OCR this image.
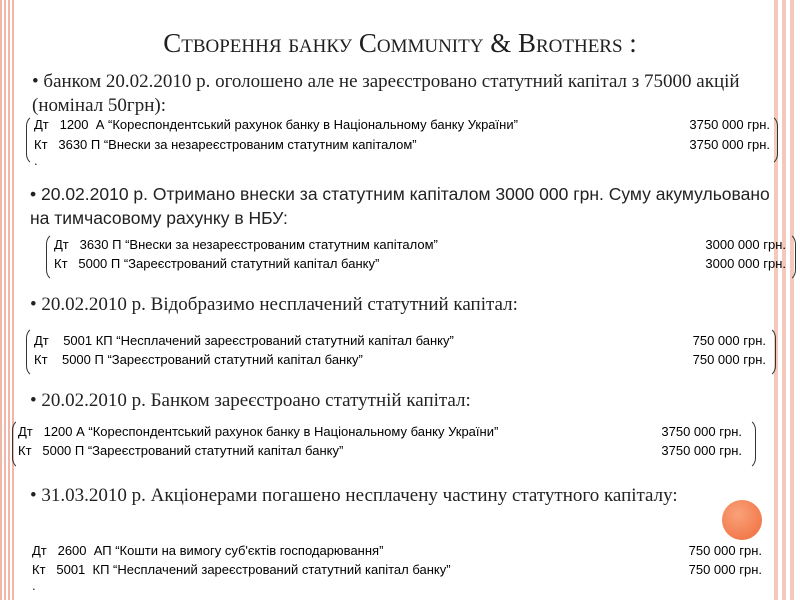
Створення банку Community & Brothers :
• банком 20.02.2010 р. оголошено але не зареєстровано статутний капітал з 75000 акцій (номінал 50грн):
Дт   1200  А “Кореспондентський рахунок банку в Національному банку України”	3750 000 грн.
Кт   3630 П “Внески за незареєстрованим статутним капіталом”	3750 000 грн.
.
• 20.02.2010 р. Отримано внески за статутним капіталом 3000 000 грн. Суму акумульовано на тимчасовому рахунку в НБУ:
Дт   3630 П “Внески за незареєстрованим статутним капіталом”	3000 000 грн.
Кт   5000 П “Зареєстрований статутний капітал банку”	3000 000 грн.
• 20.02.2010 р. Відобразимо несплачений статутний капітал:
Дт    5001 КП “Несплачений зареєстрований статутний капітал банку”	750 000 грн.
Кт    5000 П “Зареєстрований статутний капітал банку”	750 000 грн.
• 20.02.2010 р. Банком зареєстроано статутній капітал:
Дт   1200 А “Кореспондентський рахунок банку в Національному банку України”	3750 000 грн.
Кт   5000 П “Зареєстрований статутний капітал банку”	3750 000 грн.
• 31.03.2010 р. Акціонерами погашено несплачену частину статутного капіталу:
Дт   2600  АП “Кошти на вимогу суб'єктів господарювання”	750 000 грн.
Кт   5001  КП “Несплачений зареєстрований статутний капітал банку”	750 000 грн.
.
